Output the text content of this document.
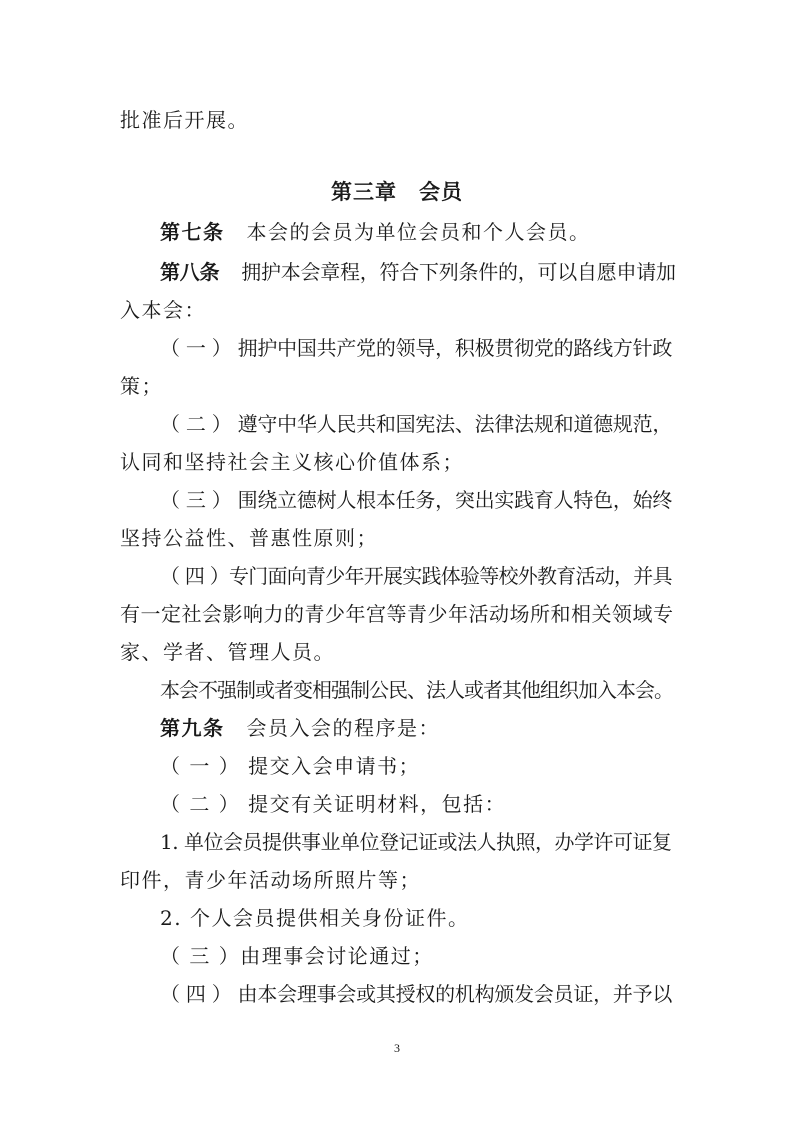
批准后开展。
第三章　会员
第七条 本会的会员为单位会员和个人会员。
第八条 拥护本会章程，符合下列条件的，可以自愿申请加
入本会：
（ 一 ） 拥护中国共产党的领导，积极贯彻党的路线方针政
策；
（ 二 ） 遵守中华人民共和国宪法、法律法规和道德规范，
认同和坚持社会主义核心价值体系；
（ 三 ） 围绕立德树人根本任务，突出实践育人特色，始终
坚持公益性、普惠性原则；
（ 四 ）专门面向青少年开展实践体验等校外教育活动，并具
有一定社会影响力的青少年宫等青少年活动场所和相关领域专
家、学者、管理人员。
本会不强制或者变相强制公民、法人或者其他组织加入本会。
第九条 会员入会的程序是：
（ 一 ） 提交入会申请书；
（ 二 ） 提交有关证明材料，包括：
1. 单位会员提供事业单位登记证或法人执照，办学许可证复
印件，青少年活动场所照片等；
2. 个人会员提供相关身份证件。
（ 三 ）由理事会讨论通过；
（ 四 ） 由本会理事会或其授权的机构颁发会员证，并予以
3
